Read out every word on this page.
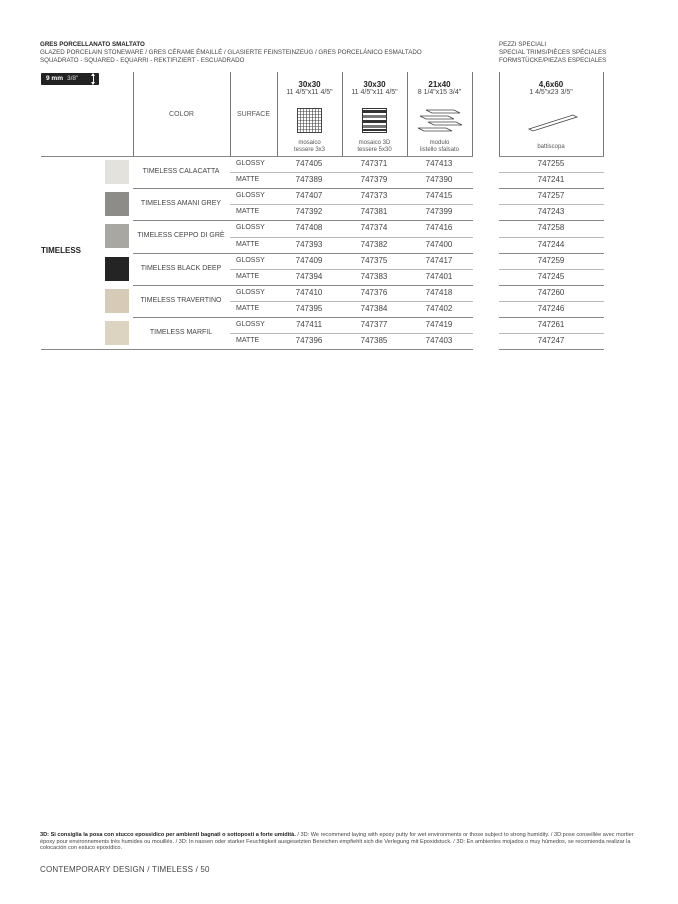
GRES PORCELLANATO SMALTATO
GLAZED PORCELAIN STONEWARE / GRES CÉRAME ÉMAILLÉ / GLASIERTE FEINSTEINZEUG / GRES PORCELÁNICO ESMALTADO
SQUADRATO - SQUARED - EQUARRI - REKTIFIZIERT - ESCUADRADO
PEZZI SPECIALI
SPECIAL TRIMS/PIÈCES SPÉCIALES
FORMSTÜCKE/PIEZAS ESPECIALES
9 mm 3/8"
COLOR	SURFACE
30x30
11 4/5"x11 4/5"
mosaico
tessere 3x3
30x30
11 4/5"x11 4/5"
mosaico 3D
tessere 5x30
21x40
8 1/4"x15 3/4"
modulo
listello sfalsato
4,6x60
1 4/5"x23 3/5"
battiscopa
TIMELESS
TIMELESS CALACATTA
GLOSSY	747405	747371	747413	747255
MATTE	747389	747379	747390	747241
TIMELESS AMANI GREY
GLOSSY	747407	747373	747415	747257
MATTE	747392	747381	747399	747243
TIMELESS CEPPO DI GRÈ
GLOSSY	747408	747374	747416	747258
MATTE	747393	747382	747400	747244
TIMELESS BLACK DEEP
GLOSSY	747409	747375	747417	747259
MATTE	747394	747383	747401	747245
TIMELESS TRAVERTINO
GLOSSY	747410	747376	747418	747260
MATTE	747395	747384	747402	747246
TIMELESS MARFIL
GLOSSY	747411	747377	747419	747261
MATTE	747396	747385	747403	747247
3D: Si consiglia la posa con stucco epossidico per ambienti bagnati o sottoposti a forte umidità. / 3D: We recommend laying with epoxy putty for wet environments or those subject to strong humidity. / 3D:pose conseillée avec mortier époxy pour environnements très humides ou mouillés. / 3D: In nassen oder starker Feuchtigkeit ausgesetzten Bereichen empfiehlt sich die Verlegung mit Epoxidstuck. / 3D: En ambientes mojados o muy húmedos, se recomienda realizar la colocación con estuco epoxídico.
CONTEMPORARY DESIGN / TIMELESS / 50
